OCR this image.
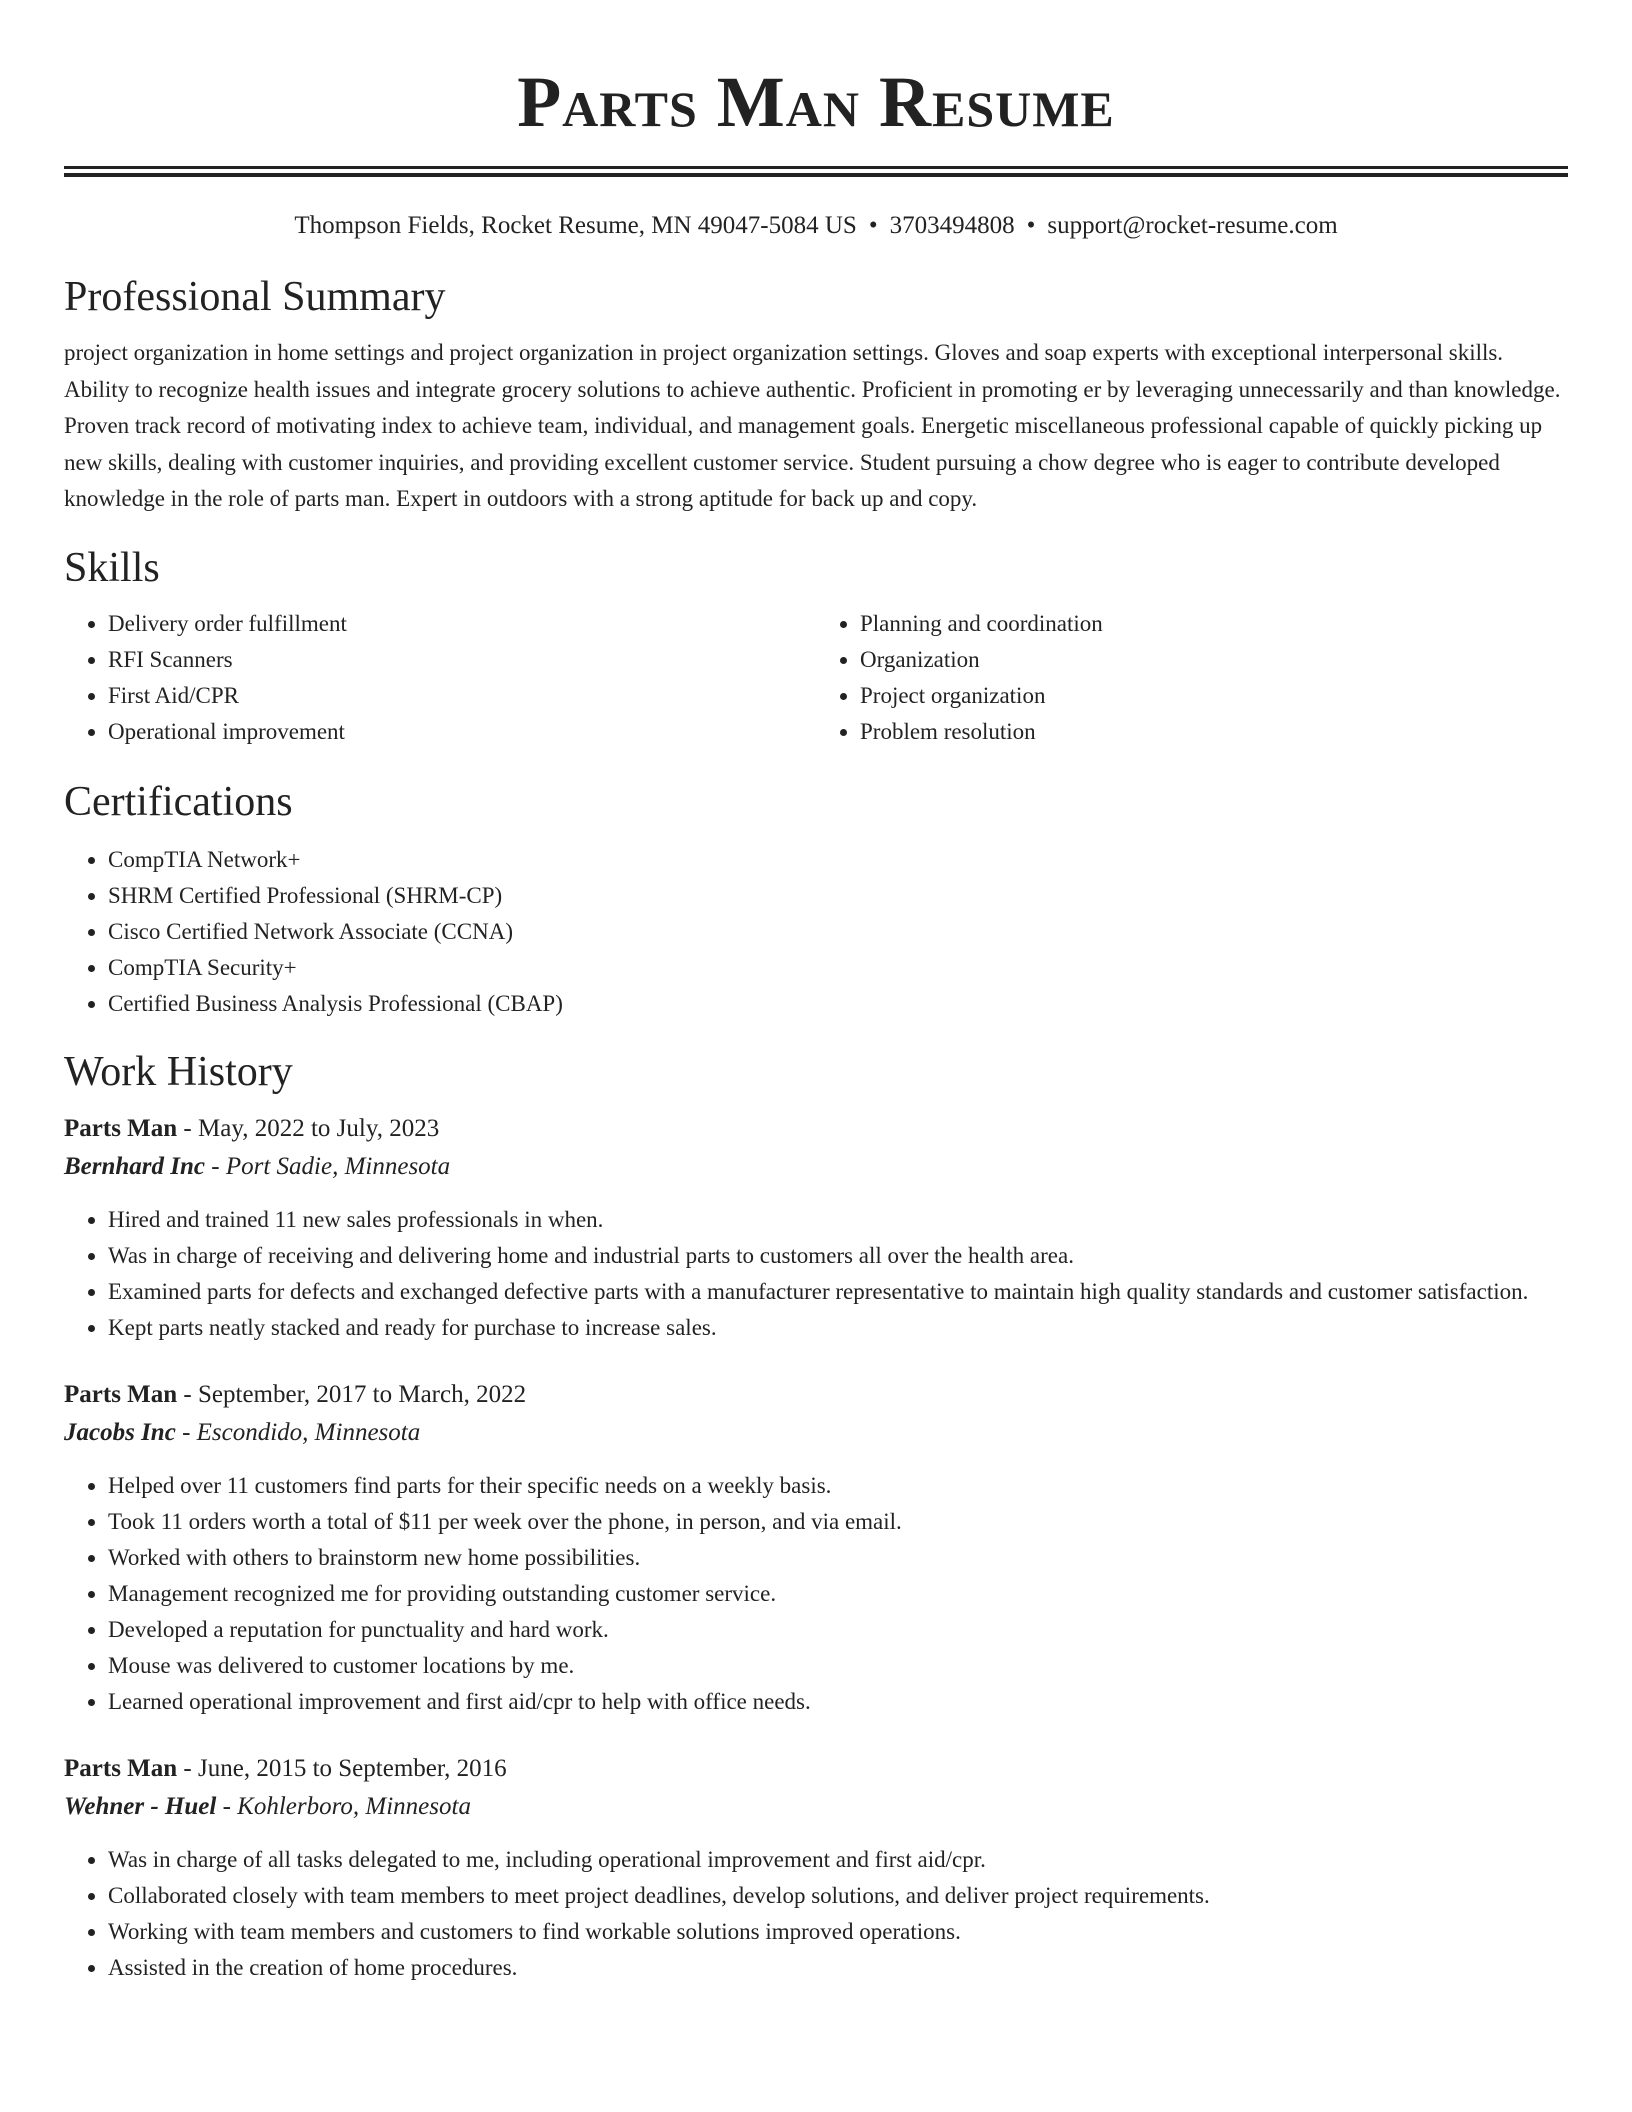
Parts Man Resume
Thompson Fields, Rocket Resume, MN 49047-5084 US • 3703494808 • support@rocket-resume.com
Professional Summary
project organization in home settings and project organization in project organization settings. Gloves and soap experts with exceptional interpersonal skills. Ability to recognize health issues and integrate grocery solutions to achieve authentic. Proficient in promoting er by leveraging unnecessarily and than knowledge. Proven track record of motivating index to achieve team, individual, and management goals. Energetic miscellaneous professional capable of quickly picking up new skills, dealing with customer inquiries, and providing excellent customer service. Student pursuing a chow degree who is eager to contribute developed knowledge in the role of parts man. Expert in outdoors with a strong aptitude for back up and copy.
Skills
• Delivery order fulfillment
• RFI Scanners
• First Aid/CPR
• Operational improvement
• Planning and coordination
• Organization
• Project organization
• Problem resolution
Certifications
• CompTIA Network+
• SHRM Certified Professional (SHRM-CP)
• Cisco Certified Network Associate (CCNA)
• CompTIA Security+
• Certified Business Analysis Professional (CBAP)
Work History
Parts Man - May, 2022 to July, 2023
Bernhard Inc - Port Sadie, Minnesota
• Hired and trained 11 new sales professionals in when.
• Was in charge of receiving and delivering home and industrial parts to customers all over the health area.
• Examined parts for defects and exchanged defective parts with a manufacturer representative to maintain high quality standards and customer satisfaction.
• Kept parts neatly stacked and ready for purchase to increase sales.
Parts Man - September, 2017 to March, 2022
Jacobs Inc - Escondido, Minnesota
• Helped over 11 customers find parts for their specific needs on a weekly basis.
• Took 11 orders worth a total of $11 per week over the phone, in person, and via email.
• Worked with others to brainstorm new home possibilities.
• Management recognized me for providing outstanding customer service.
• Developed a reputation for punctuality and hard work.
• Mouse was delivered to customer locations by me.
• Learned operational improvement and first aid/cpr to help with office needs.
Parts Man - June, 2015 to September, 2016
Wehner - Huel - Kohlerboro, Minnesota
• Was in charge of all tasks delegated to me, including operational improvement and first aid/cpr.
• Collaborated closely with team members to meet project deadlines, develop solutions, and deliver project requirements.
• Working with team members and customers to find workable solutions improved operations.
• Assisted in the creation of home procedures.
